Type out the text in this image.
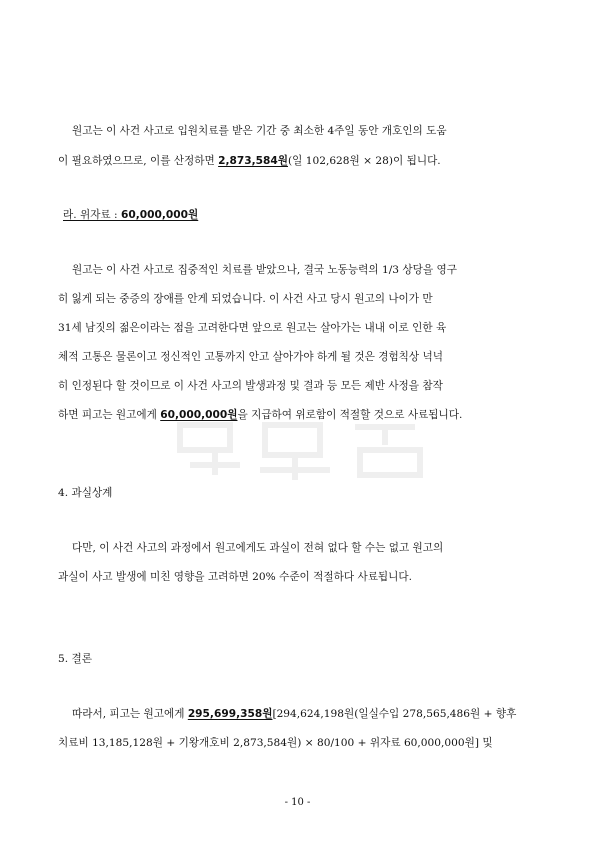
원고는 이 사건 사고로 입원치료를 받은 기간 중 최소한 4주일 동안 개호인의 도움
이 필요하였으므로, 이를 산정하면 2,873,584원(일 102,628원 × 28)이 됩니다.
라. 위자료 : 60,000,000원
원고는 이 사건 사고로 집중적인 치료를 받았으나, 결국 노동능력의 1/3 상당을 영구
히 잃게 되는 중증의 장애를 안게 되었습니다. 이 사건 사고 당시 원고의 나이가 만
31세 남짓의 젊은이라는 점을 고려한다면 앞으로 원고는 살아가는 내내 이로 인한 육
체적 고통은 물론이고 정신적인 고통까지 안고 살아가야 하게 될 것은 경험칙상 넉넉
히 인정된다 할 것이므로 이 사건 사고의 발생과정 및 결과 등 모든 제반 사정을 참작
하면 피고는 원고에게 60,000,000원을 지급하여 위로함이 적절할 것으로 사료됩니다.
4. 과실상계
다만, 이 사건 사고의 과정에서 원고에게도 과실이 전혀 없다 할 수는 없고 원고의
과실이 사고 발생에 미친 영향을 고려하면 20% 수준이 적절하다 사료됩니다.
5. 결론
따라서, 피고는 원고에게 295,699,358원[294,624,198원(일실수입 278,565,486원 + 향후
치료비 13,185,128원 + 기왕개호비 2,873,584원) × 80/100 + 위자료 60,000,000원] 및
- 10 -
